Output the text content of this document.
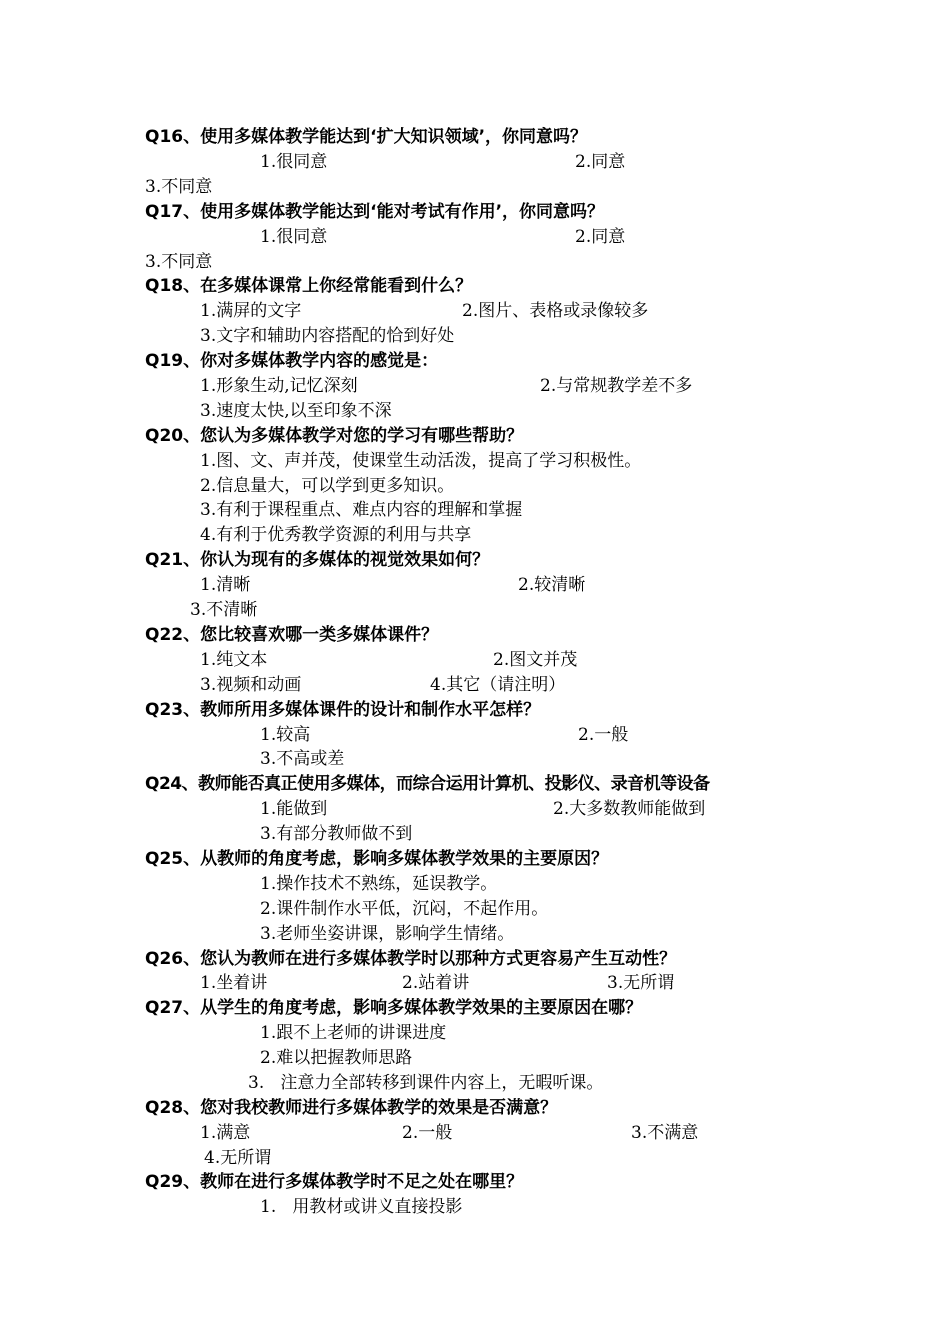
Q16、使用多媒体教学能达到‘扩大知识领域’，你同意吗？
1.很同意	2.同意
3.不同意
Q17、使用多媒体教学能达到‘能对考试有作用’，你同意吗？
1.很同意	2.同意
3.不同意
Q18、在多媒体课常上你经常能看到什么？
1.满屏的文字	2.图片、表格或录像较多
3.文字和辅助内容搭配的恰到好处
Q19、你对多媒体教学内容的感觉是：
1.形象生动,记忆深刻	2.与常规教学差不多
3.速度太快,以至印象不深
Q20、您认为多媒体教学对您的学习有哪些帮助？
1.图、文、声并茂，使课堂生动活泼，提高了学习积极性。
2.信息量大，可以学到更多知识。
3.有利于课程重点、难点内容的理解和掌握
4.有利于优秀教学资源的利用与共享
Q21、你认为现有的多媒体的视觉效果如何？
1.清晰	2.较清晰
3.不清晰
Q22、您比较喜欢哪一类多媒体课件？
1.纯文本	2.图文并茂
3.视频和动画	4.其它（请注明）
Q23、教师所用多媒体课件的设计和制作水平怎样？
1.较高	2.一般
3.不高或差
Q24、教师能否真正使用多媒体，而综合运用计算机、投影仪、录音机等设备
1.能做到	2.大多数教师能做到
3.有部分教师做不到
Q25、从教师的角度考虑，影响多媒体教学效果的主要原因？
1.操作技术不熟练，延误教学。
2.课件制作水平低，沉闷，不起作用。
3.老师坐姿讲课，影响学生情绪。
Q26、您认为教师在进行多媒体教学时以那种方式更容易产生互动性？
1.坐着讲	2.站着讲	3.无所谓
Q27、从学生的角度考虑，影响多媒体教学效果的主要原因在哪？
1.跟不上老师的讲课进度
2.难以把握教师思路
3.   注意力全部转移到课件内容上，无暇听课。
Q28、您对我校教师进行多媒体教学的效果是否满意？
1.满意	2.一般	3.不满意
4.无所谓
Q29、教师在进行多媒体教学时不足之处在哪里？
1.   用教材或讲义直接投影
